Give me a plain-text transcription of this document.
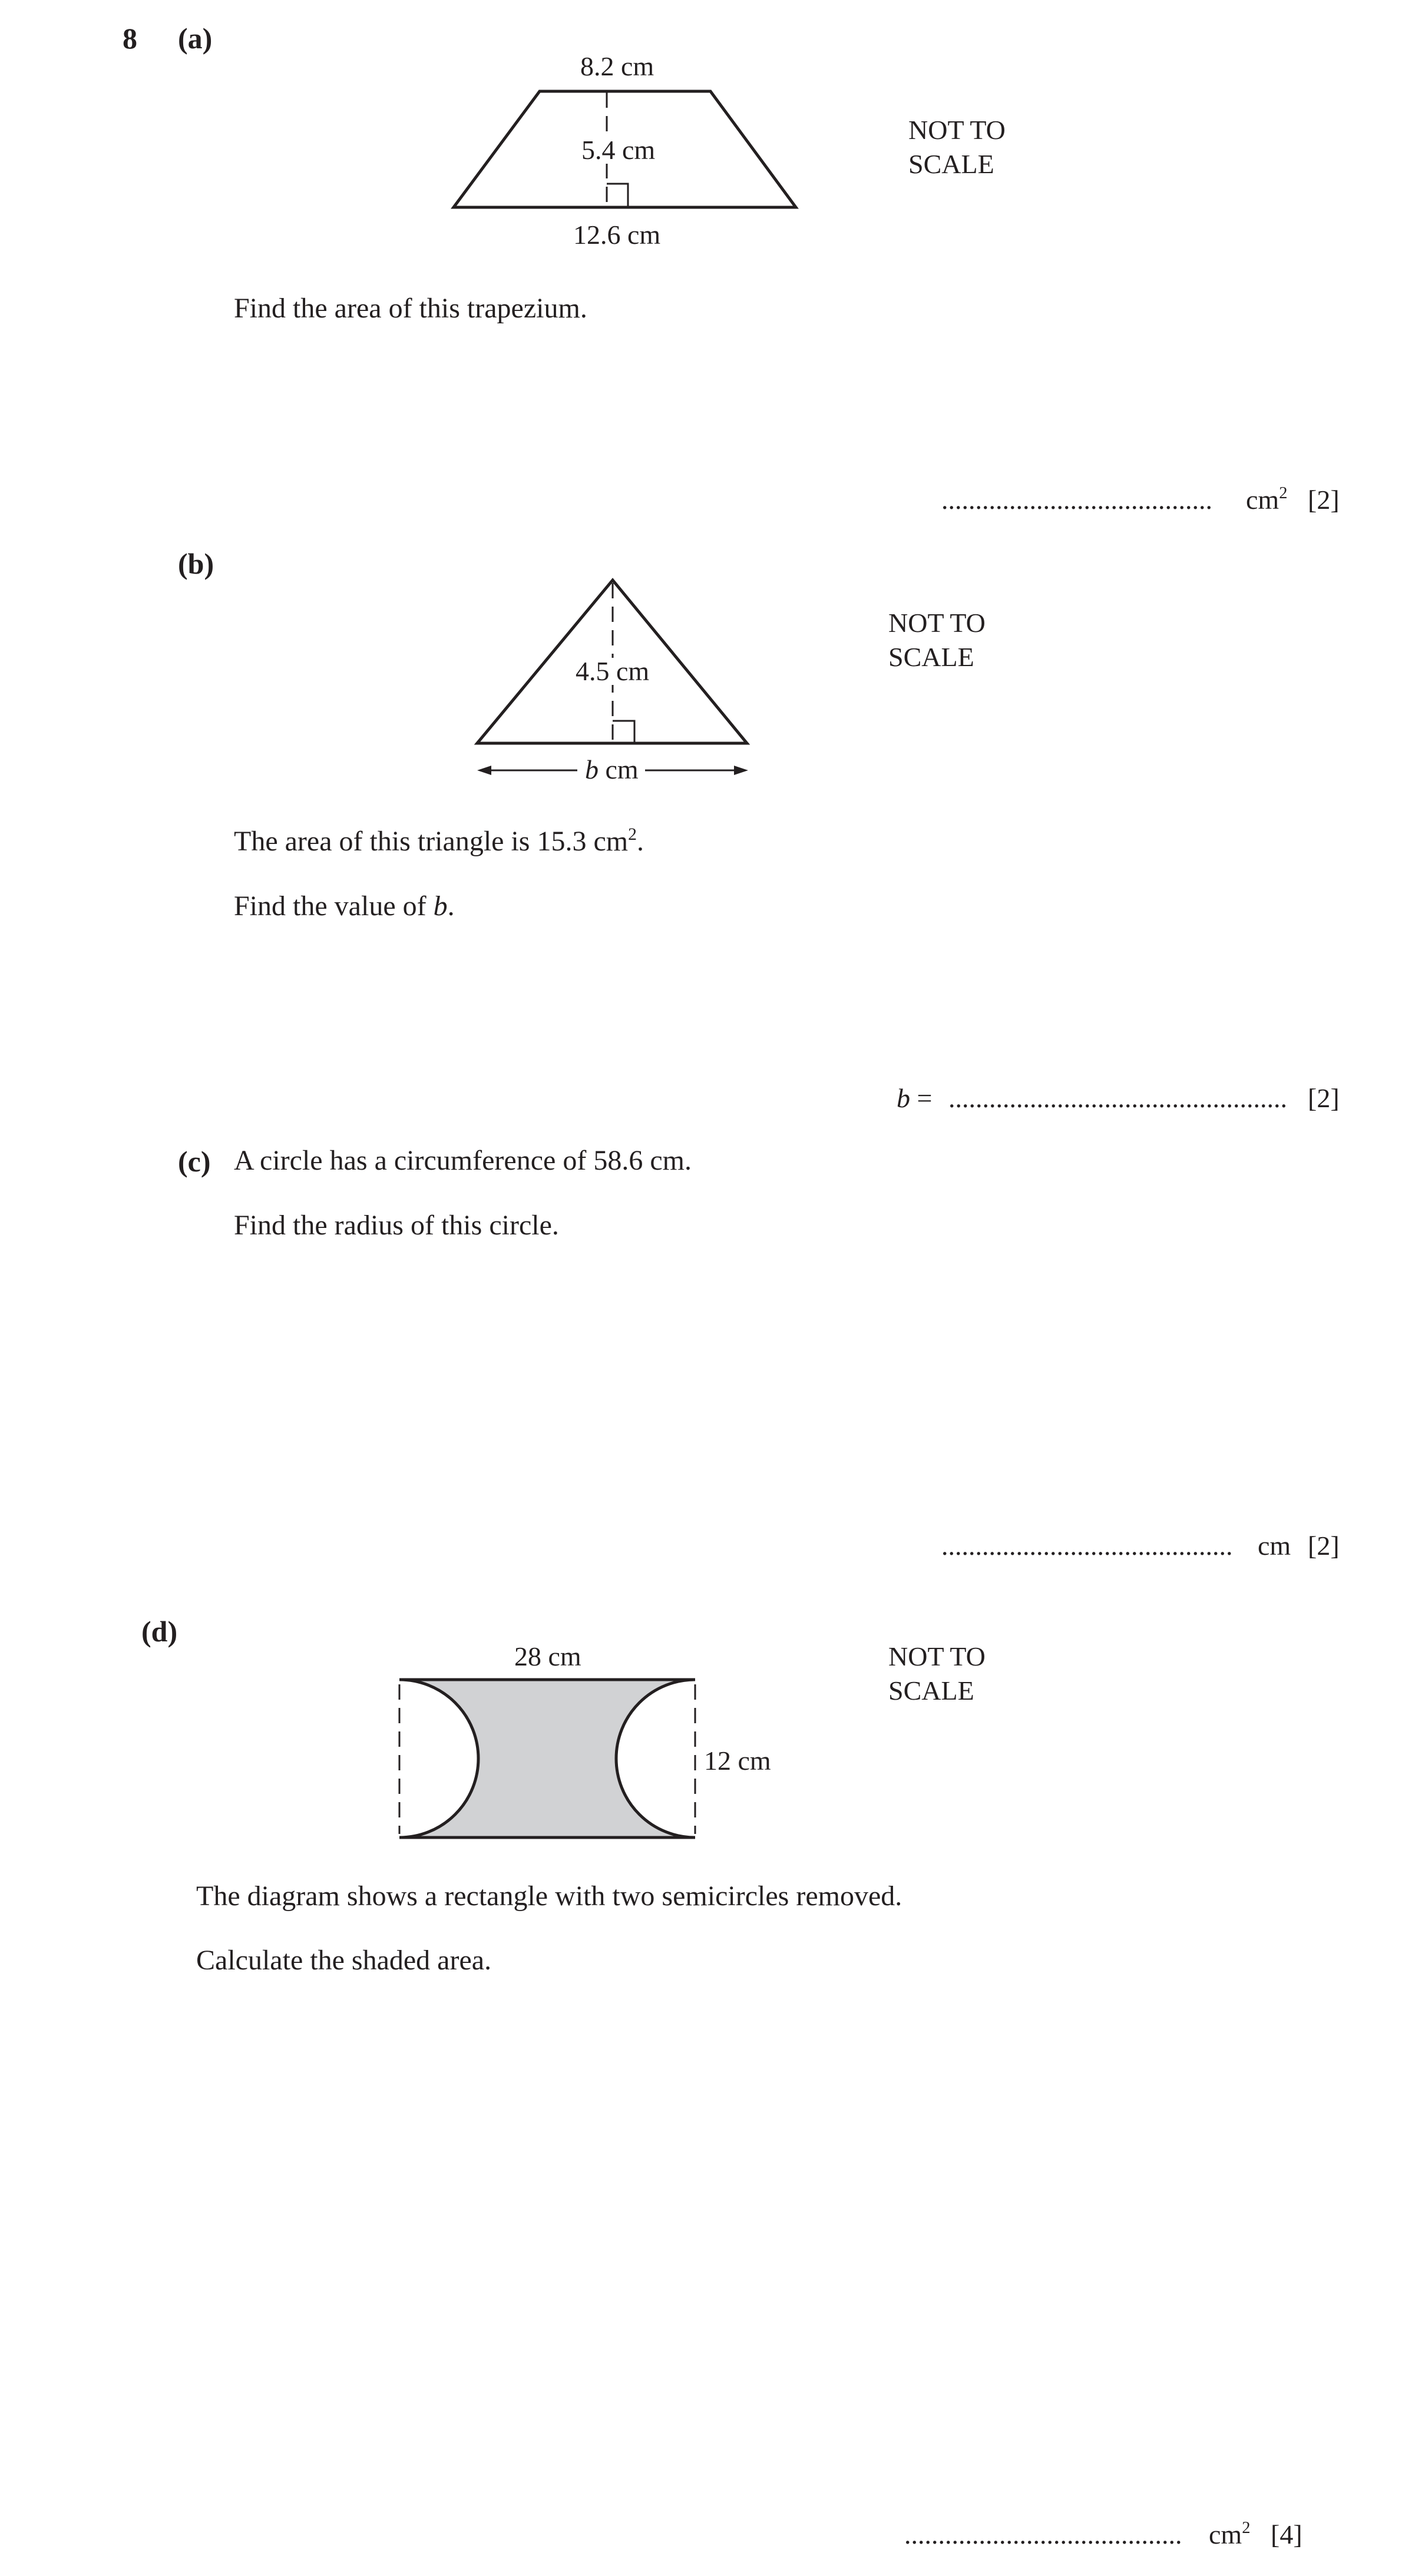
8 (a)
8.2 cm
5.4 cm
12.6 cm
NOT TO
SCALE
Find the area of this trapezium.
........................................ $cm^2$ [2]
(b)
4.5 cm
b cm
NOT TO
SCALE
The area of this triangle is 15.3 $cm^2$.
Find the value of b.
b = .................................................. [2]
(c) A circle has a circumference of 58.6 cm.
Find the radius of this circle.
........................................... cm [2]
(d)
28 cm
12 cm
NOT TO
SCALE
The diagram shows a rectangle with two semicircles removed.
Calculate the shaded area.
......................................... $cm^2$ [4]
